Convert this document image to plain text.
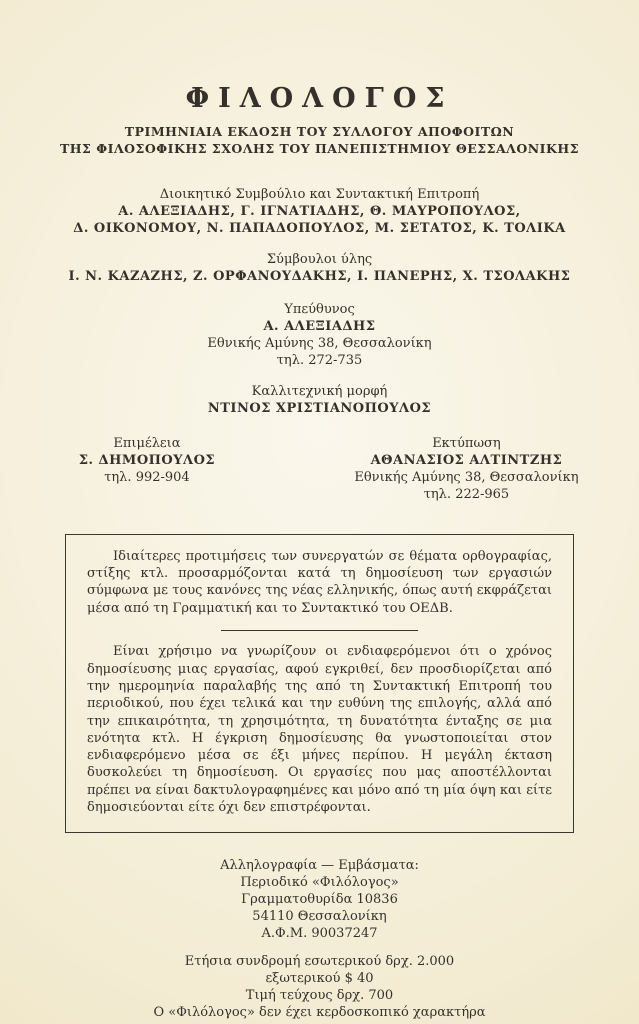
ΦΙΛΟΛΟΓΟΣ
ΤΡΙΜΗΝΙΑΙΑ ΕΚΔΟΣΗ ΤΟΥ ΣΥΛΛΟΓΟΥ ΑΠΟΦΟΙΤΩΝ
ΤΗΣ ΦΙΛΟΣΟΦΙΚΗΣ ΣΧΟΛΗΣ ΤΟΥ ΠΑΝΕΠΙΣΤΗΜΙΟΥ ΘΕΣΣΑΛΟΝΙΚΗΣ
Διοικητικό Συμβούλιο και Συντακτική Επιτροπή
Α. ΑΛΕΞΙΑΔΗΣ, Γ. ΙΓΝΑΤΙΑΔΗΣ, Θ. ΜΑΥΡΟΠΟΥΛΟΣ,
Δ. ΟΙΚΟΝΟΜΟΥ, Ν. ΠΑΠΑΔΟΠΟΥΛΟΣ, Μ. ΣΕΤΑΤΟΣ, Κ. ΤΟΛΙΚΑ
Σύμβουλοι ύλης
Ι. Ν. ΚΑΖΑΖΗΣ, Ζ. ΟΡΦΑΝΟΥΔΑΚΗΣ, Ι. ΠΑΝΕΡΗΣ, Χ. ΤΣΟΛΑΚΗΣ
Υπεύθυνος
Α. ΑΛΕΞΙΑΔΗΣ
Εθνικής Αμύνης 38, Θεσσαλονίκη
τηλ. 272-735
Καλλιτεχνική μορφή
ΝΤΙΝΟΣ ΧΡΙΣΤΙΑΝΟΠΟΥΛΟΣ
Επιμέλεια
Σ. ΔΗΜΟΠΟΥΛΟΣ
τηλ. 992-904
Εκτύπωση
ΑΘΑΝΑΣΙΟΣ ΑΛΤΙΝΤΖΗΣ
Εθνικής Αμύνης 38, Θεσσαλονίκη
τηλ. 222-965

Ιδιαίτερες προτιμήσεις των συνεργατών σε θέματα ορθογραφίας, στίξης κτλ. προσαρμόζονται κατά τη δημοσίευση των εργασιών σύμφωνα με τους κανόνες της νέας ελληνικής, όπως αυτή εκφράζεται μέσα από τη Γραμματική και το Συντακτικό του ΟΕΔΒ.

Είναι χρήσιμο να γνωρίζουν οι ενδιαφερόμενοι ότι ο χρόνος δημοσίευσης μιας εργασίας, αφού εγκριθεί, δεν προσδιορίζεται από την ημερομηνία παραλαβής της από τη Συντακτική Επιτροπή του περιοδικού, που έχει τελικά και την ευθύνη της επιλογής, αλλά από την επικαιρότητα, τη χρησιμότητα, τη δυνατότητα ένταξης σε μια ενότητα κτλ. Η έγκριση δημοσίευσης θα γνωστοποιείται στον ενδιαφερόμενο μέσα σε έξι μήνες περίπου. Η μεγάλη έκταση δυσκολεύει τη δημοσίευση. Οι εργασίες που μας αποστέλλονται πρέπει να είναι δακτυλογραφημένες και μόνο από τη μία όψη και είτε δημοσιεύονται είτε όχι δεν επιστρέφονται.

Αλληλογραφία — Εμβάσματα:
Περιοδικό «Φιλόλογος»
Γραμματοθυρίδα 10836
54110 Θεσσαλονίκη
Α.Φ.Μ. 90037247
Ετήσια συνδρομή εσωτερικού δρχ. 2.000
εξωτερικού $ 40
Τιμή τεύχους δρχ. 700
Ο «Φιλόλογος» δεν έχει κερδοσκοπικό χαρακτήρα
